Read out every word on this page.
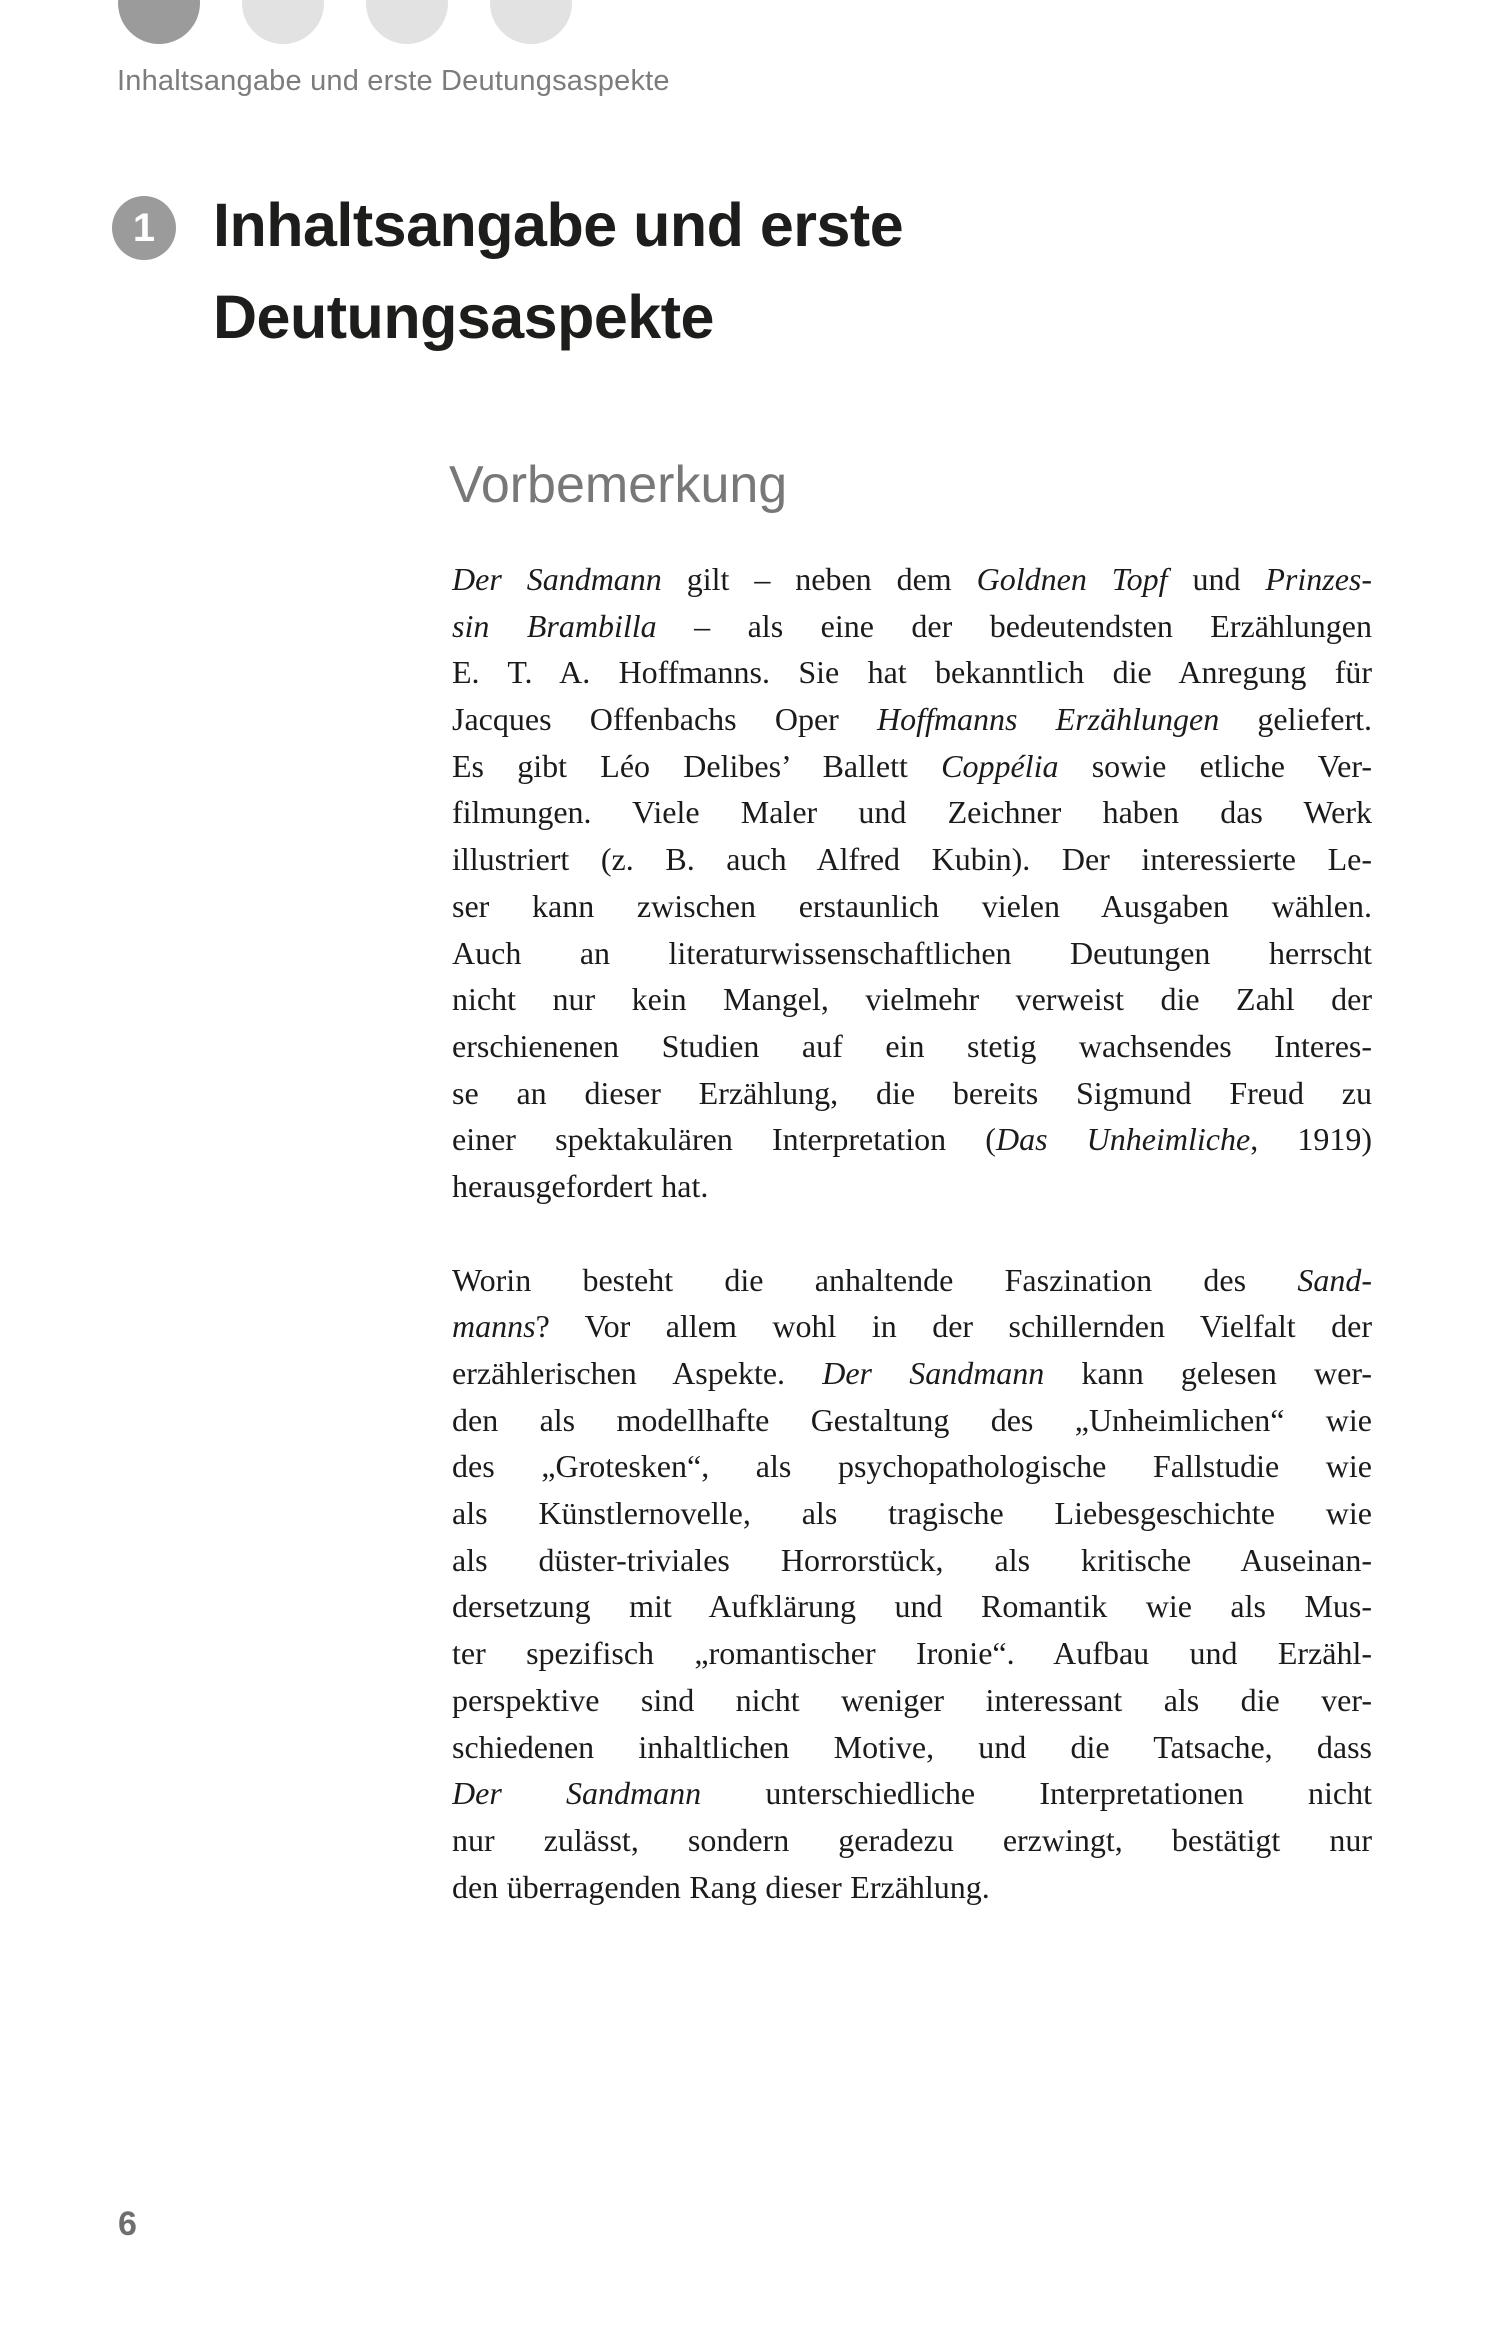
Inhaltsangabe und erste Deutungsaspekte
1 Inhaltsangabe und erste
Deutungsaspekte
Vorbemerkung
Der Sandmann gilt – neben dem Goldnen Topf und Prinzes-
sin Brambilla – als eine der bedeutendsten Erzählungen
E. T. A. Hoffmanns. Sie hat bekanntlich die Anregung für
Jacques Offenbachs Oper Hoffmanns Erzählungen geliefert.
Es gibt Léo Delibes’ Ballett Coppélia sowie etliche Ver-
filmungen. Viele Maler und Zeichner haben das Werk
illustriert (z. B. auch Alfred Kubin). Der interessierte Le-
ser kann zwischen erstaunlich vielen Ausgaben wählen.
Auch an literaturwissenschaftlichen Deutungen herrscht
nicht nur kein Mangel, vielmehr verweist die Zahl der
erschienenen Studien auf ein stetig wachsendes Interes-
se an dieser Erzählung, die bereits Sigmund Freud zu
einer spektakulären Interpretation (Das Unheimliche, 1919)
herausgefordert hat.
Worin besteht die anhaltende Faszination des Sand-
manns? Vor allem wohl in der schillernden Vielfalt der
erzählerischen Aspekte. Der Sandmann kann gelesen wer-
den als modellhafte Gestaltung des „Unheimlichen“ wie
des „Grotesken“, als psychopathologische Fallstudie wie
als Künstlernovelle, als tragische Liebesgeschichte wie
als düster-triviales Horrorstück, als kritische Auseinan-
dersetzung mit Aufklärung und Romantik wie als Mus-
ter spezifisch „romantischer Ironie“. Aufbau und Erzähl-
perspektive sind nicht weniger interessant als die ver-
schiedenen inhaltlichen Motive, und die Tatsache, dass
Der Sandmann unterschiedliche Interpretationen nicht
nur zulässt, sondern geradezu erzwingt, bestätigt nur
den überragenden Rang dieser Erzählung.
6
